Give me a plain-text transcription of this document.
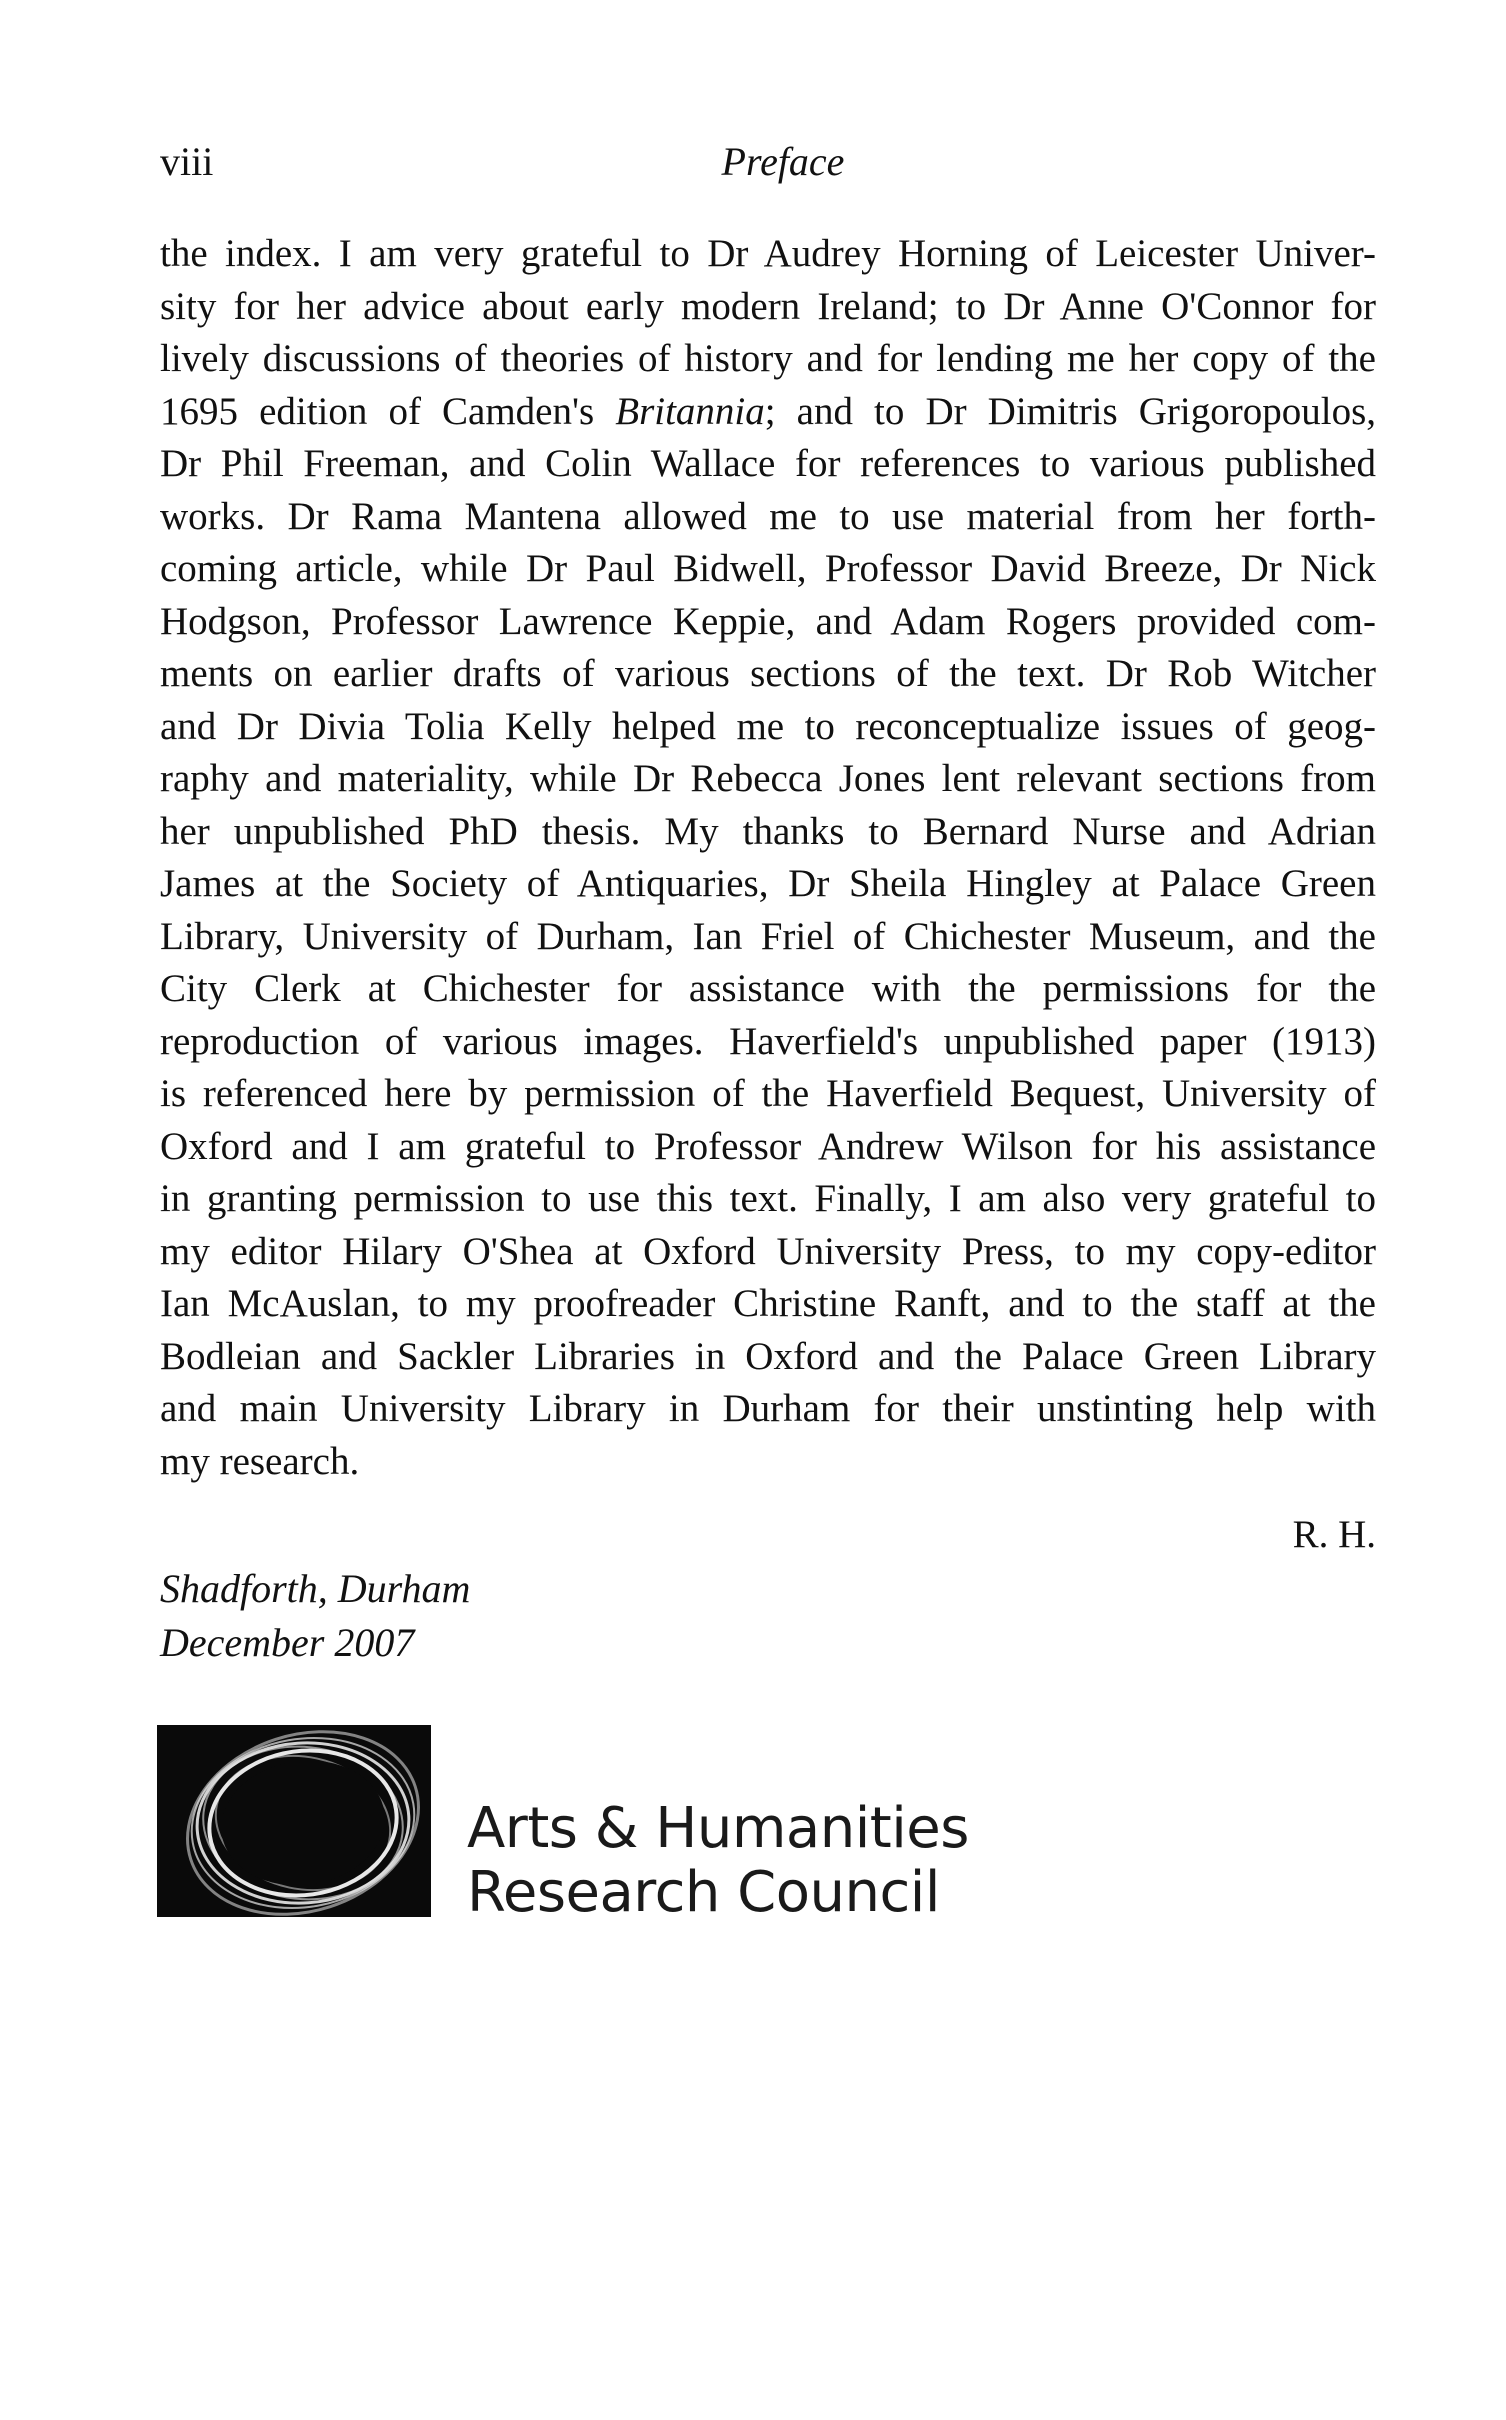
viii	Preface
the index. I am very grateful to Dr Audrey Horning of Leicester Univer-
sity for her advice about early modern Ireland; to Dr Anne O'Connor for
lively discussions of theories of history and for lending me her copy of the
1695 edition of Camden's Britannia; and to Dr Dimitris Grigoropoulos,
Dr Phil Freeman, and Colin Wallace for references to various published
works. Dr Rama Mantena allowed me to use material from her forth-
coming article, while Dr Paul Bidwell, Professor David Breeze, Dr Nick
Hodgson, Professor Lawrence Keppie, and Adam Rogers provided com-
ments on earlier drafts of various sections of the text. Dr Rob Witcher
and Dr Divia Tolia Kelly helped me to reconceptualize issues of geog-
raphy and materiality, while Dr Rebecca Jones lent relevant sections from
her unpublished PhD thesis. My thanks to Bernard Nurse and Adrian
James at the Society of Antiquaries, Dr Sheila Hingley at Palace Green
Library, University of Durham, Ian Friel of Chichester Museum, and the
City Clerk at Chichester for assistance with the permissions for the
reproduction of various images. Haverfield's unpublished paper (1913)
is referenced here by permission of the Haverfield Bequest, University of
Oxford and I am grateful to Professor Andrew Wilson for his assistance
in granting permission to use this text. Finally, I am also very grateful to
my editor Hilary O'Shea at Oxford University Press, to my copy-editor
Ian McAuslan, to my proofreader Christine Ranft, and to the staff at the
Bodleian and Sackler Libraries in Oxford and the Palace Green Library
and main University Library in Durham for their unstinting help with
my research.
R. H.
Shadforth, Durham
December 2007
Arts & Humanities
Research Council
